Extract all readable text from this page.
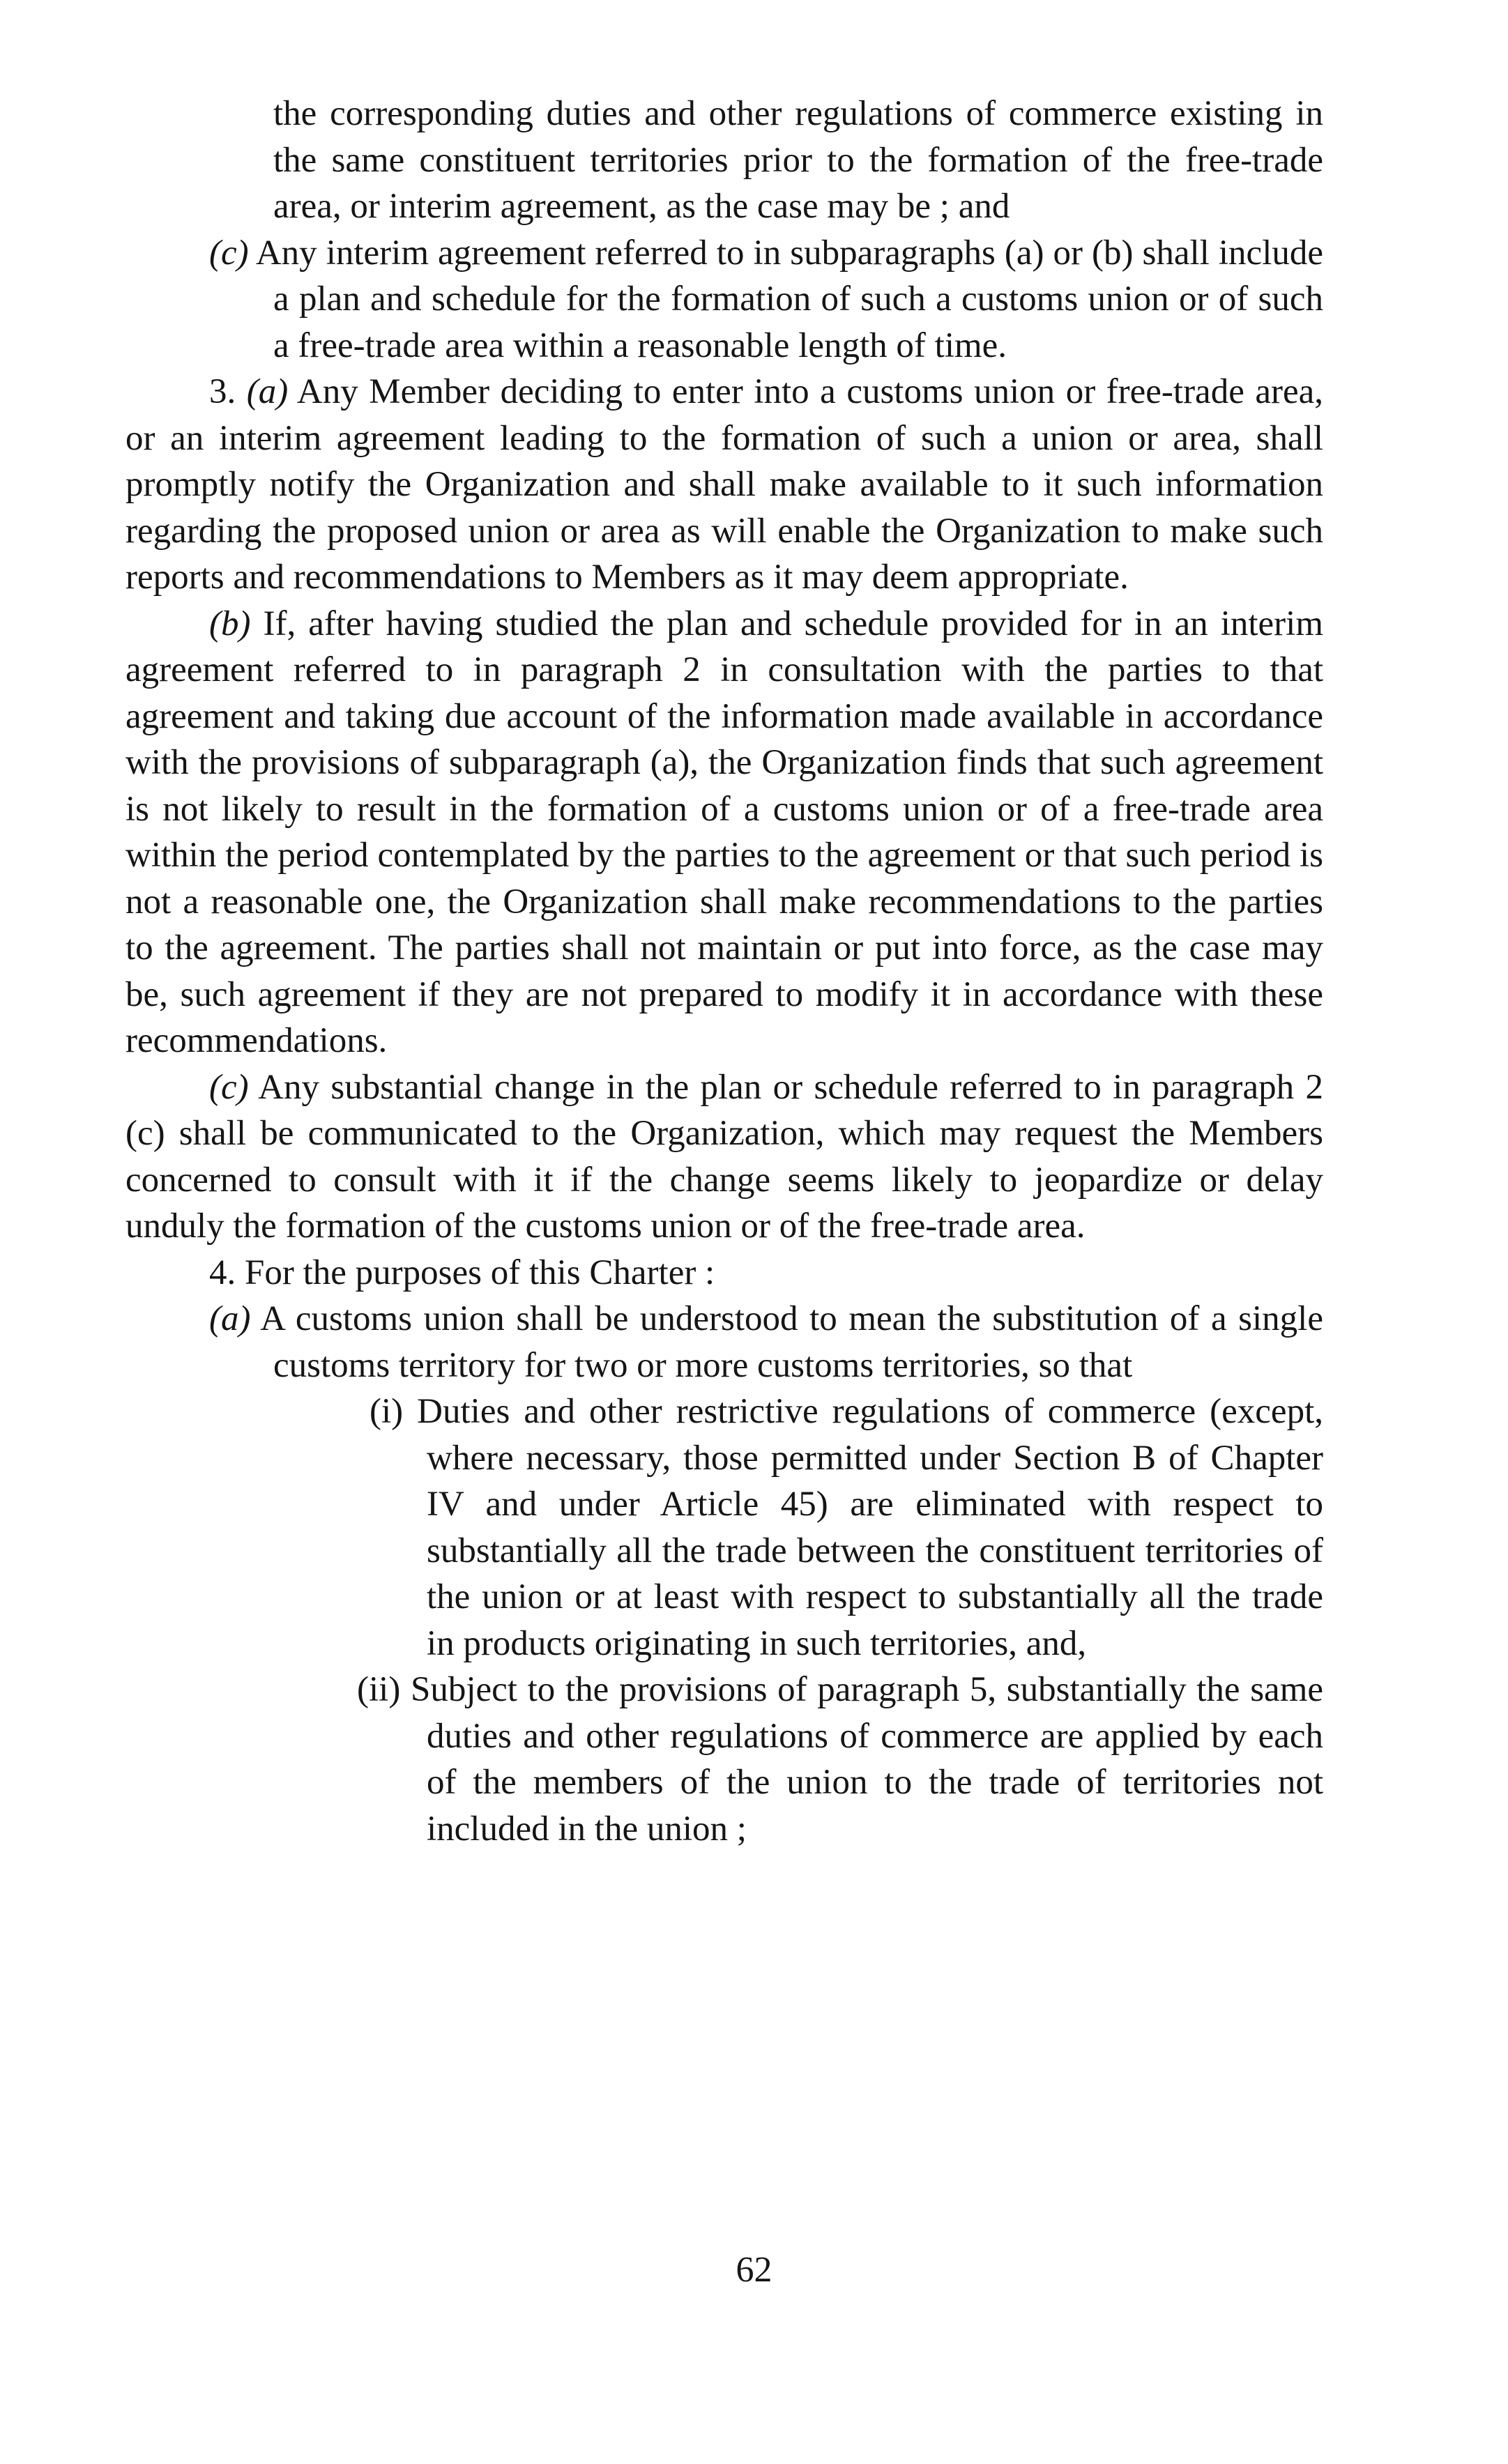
the corresponding duties and other regulations of commerce existing in the same constituent territories prior to the formation of the free-trade area, or interim agreement, as the case may be ; and

(c) Any interim agreement referred to in subparagraphs (a) or (b) shall include a plan and schedule for the formation of such a customs union or of such a free-trade area within a reasonable length of time.

3. (a) Any Member deciding to enter into a customs union or free-trade area, or an interim agreement leading to the formation of such a union or area, shall promptly notify the Organization and shall make available to it such information regarding the proposed union or area as will enable the Organization to make such reports and recommendations to Members as it may deem appropriate.

(b) If, after having studied the plan and schedule provided for in an interim agreement referred to in paragraph 2 in consultation with the parties to that agreement and taking due account of the information made available in accordance with the provisions of subparagraph (a), the Organization finds that such agreement is not likely to result in the formation of a customs union or of a free-trade area within the period contemplated by the parties to the agreement or that such period is not a reasonable one, the Organization shall make recommendations to the parties to the agreement. The parties shall not maintain or put into force, as the case may be, such agreement if they are not prepared to modify it in accordance with these recommendations.

(c) Any substantial change in the plan or schedule referred to in paragraph 2 (c) shall be communicated to the Organization, which may request the Members concerned to consult with it if the change seems likely to jeopardize or delay unduly the formation of the customs union or of the free-trade area.

4. For the purposes of this Charter :

(a) A customs union shall be understood to mean the substitution of a single customs territory for two or more customs territories, so that

(i) Duties and other restrictive regulations of commerce (except, where necessary, those permitted under Section B of Chapter IV and under Article 45) are eliminated with respect to substantially all the trade between the constituent territories of the union or at least with respect to substantially all the trade in products originating in such territories, and,

(ii) Subject to the provisions of paragraph 5, substantially the same duties and other regulations of commerce are applied by each of the members of the union to the trade of territories not included in the union ;

62
